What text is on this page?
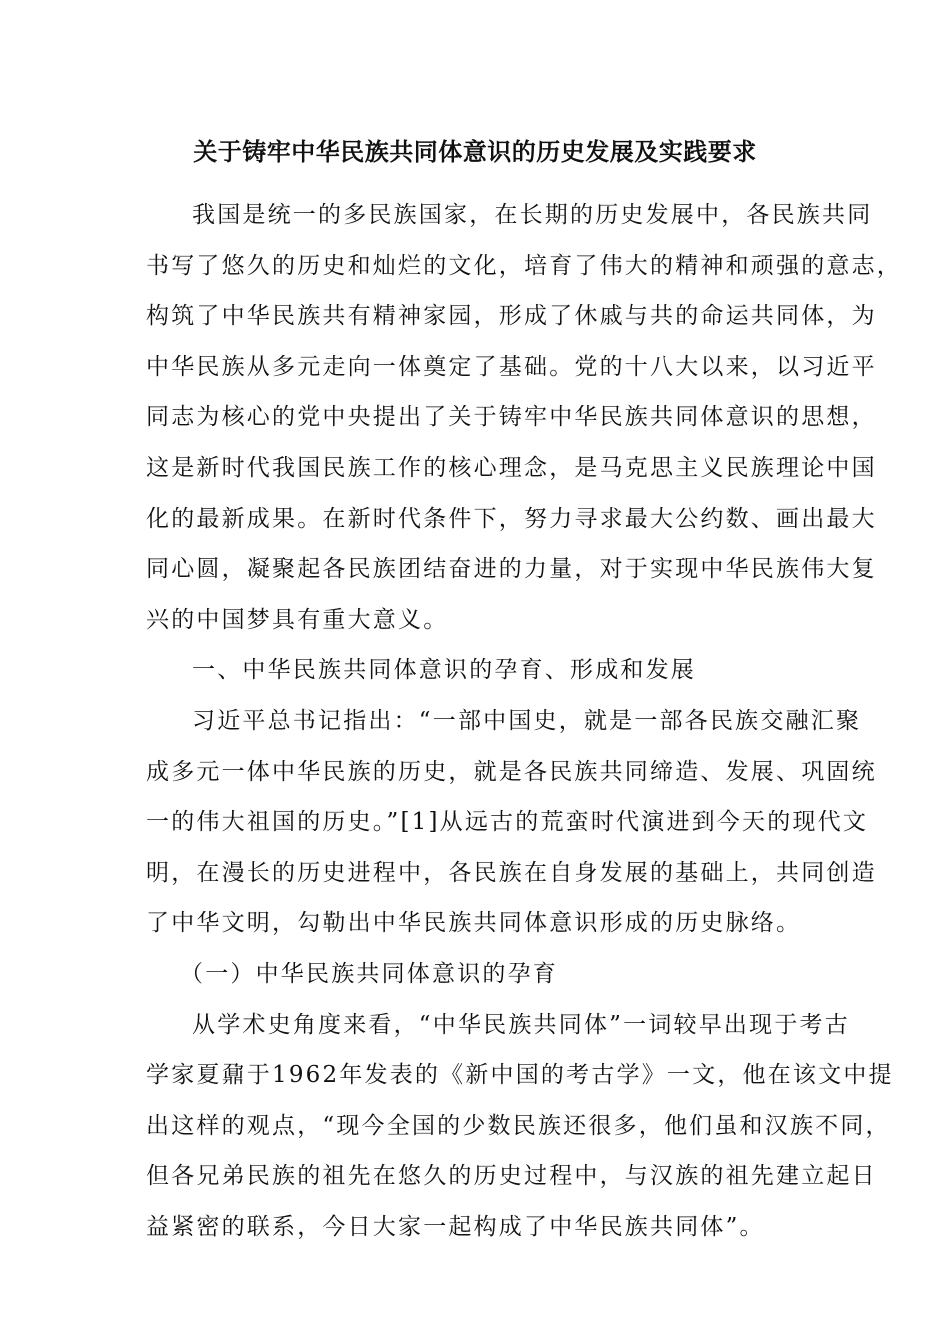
关于铸牢中华民族共同体意识的历史发展及实践要求
我国是统一的多民族国家，在长期的历史发展中，各民族共同
书写了悠久的历史和灿烂的文化，培育了伟大的精神和顽强的意志，
构筑了中华民族共有精神家园，形成了休戚与共的命运共同体，为
中华民族从多元走向一体奠定了基础。党的十八大以来，以习近平
同志为核心的党中央提出了关于铸牢中华民族共同体意识的思想，
这是新时代我国民族工作的核心理念，是马克思主义民族理论中国
化的最新成果。在新时代条件下，努力寻求最大公约数、画出最大
同心圆，凝聚起各民族团结奋进的力量，对于实现中华民族伟大复
兴的中国梦具有重大意义。
一、中华民族共同体意识的孕育、形成和发展
习近平总书记指出：“一部中国史，就是一部各民族交融汇聚
成多元一体中华民族的历史，就是各民族共同缔造、发展、巩固统
一的伟大祖国的历史。”[1]从远古的荒蛮时代演进到今天的现代文
明，在漫长的历史进程中，各民族在自身发展的基础上，共同创造
了中华文明，勾勒出中华民族共同体意识形成的历史脉络。
（一）中华民族共同体意识的孕育
从学术史角度来看，“中华民族共同体”一词较早出现于考古
学家夏鼐于1962年发表的《新中国的考古学》一文，他在该文中提
出这样的观点，“现今全国的少数民族还很多，他们虽和汉族不同，
但各兄弟民族的祖先在悠久的历史过程中，与汉族的祖先建立起日
益紧密的联系，今日大家一起构成了中华民族共同体”。
